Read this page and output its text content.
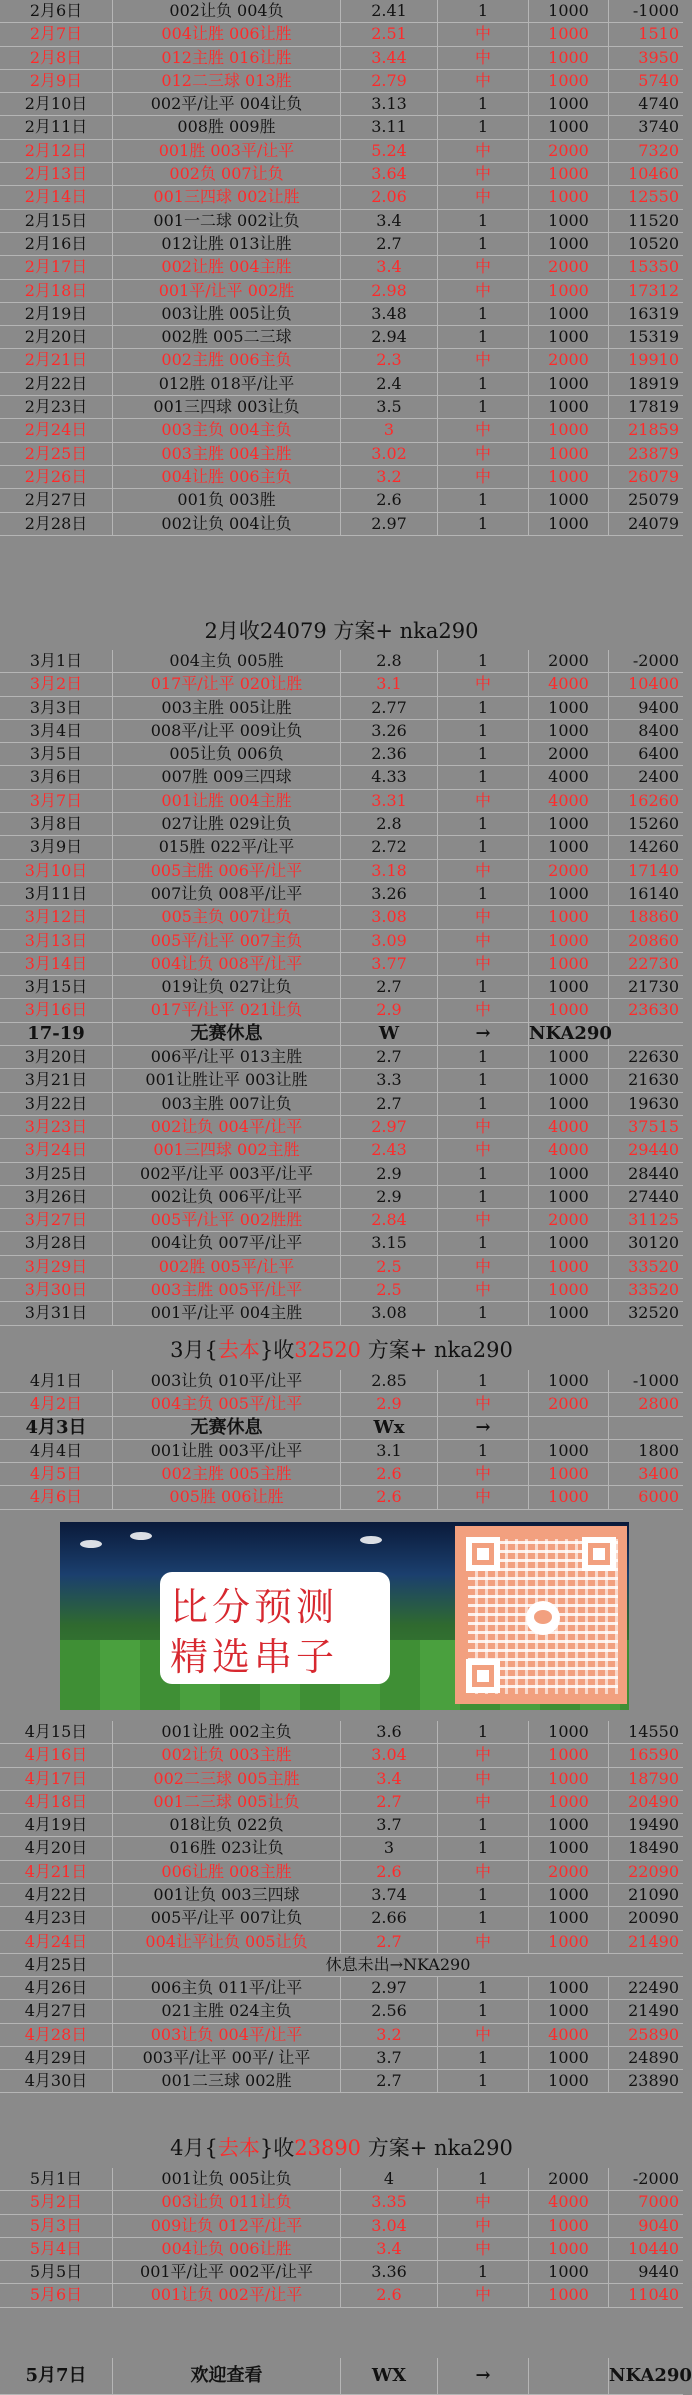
2月6日	002让负 004负	2.41	1	1000	-1000
2月7日	004让胜 006让胜	2.51	中	1000	1510
2月8日	012主胜 016让胜	3.44	中	1000	3950
2月9日	012二三球 013胜	2.79	中	1000	5740
2月10日	002平/让平 004让负	3.13	1	1000	4740
2月11日	008胜 009胜	3.11	1	1000	3740
2月12日	001胜 003平/让平	5.24	中	2000	7320
2月13日	002负 007让负	3.64	中	1000	10460
2月14日	001三四球 002让胜	2.06	中	1000	12550
2月15日	001一二球 002让负	3.4	1	1000	11520
2月16日	012让胜 013让胜	2.7	1	1000	10520
2月17日	002让胜 004主胜	3.4	中	2000	15350
2月18日	001平/让平 002胜	2.98	中	1000	17312
2月19日	003让胜 005让负	3.48	1	1000	16319
2月20日	002胜 005二三球	2.94	1	1000	15319
2月21日	002主胜 006主负	2.3	中	2000	19910
2月22日	012胜 018平/让平	2.4	1	1000	18919
2月23日	001三四球 003让负	3.5	1	1000	17819
2月24日	003主负 004主负	3	中	1000	21859
2月25日	003主胜 004主胜	3.02	中	1000	23879
2月26日	004让胜 006主负	3.2	中	1000	26079
2月27日	001负 003胜	2.6	1	1000	25079
2月28日	002让负 004让负	2.97	1	1000	24079
2月收24079 方案+ nka290
3月1日	004主负 005胜	2.8	1	2000	-2000
3月2日	017平/让平 020让胜	3.1	中	4000	10400
3月3日	003主胜 005让胜	2.77	1	1000	9400
3月4日	008平/让平 009让负	3.26	1	1000	8400
3月5日	005让负 006负	2.36	1	2000	6400
3月6日	007胜 009三四球	4.33	1	4000	2400
3月7日	001让胜 004主胜	3.31	中	4000	16260
3月8日	027让胜 029让负	2.8	1	1000	15260
3月9日	015胜 022平/让平	2.72	1	1000	14260
3月10日	005主胜 006平/让平	3.18	中	2000	17140
3月11日	007让负 008平/让平	3.26	1	1000	16140
3月12日	005主负 007让负	3.08	中	1000	18860
3月13日	005平/让平 007主负	3.09	中	1000	20860
3月14日	004让负 008平/让平	3.77	中	1000	22730
3月15日	019让负 027让负	2.7	1	1000	21730
3月16日	017平/让平 021让负	2.9	中	1000	23630
17-19	无赛休息	W	→	NKA290
3月20日	006平/让平 013主胜	2.7	1	1000	22630
3月21日	001让胜让平 003让胜	3.3	1	1000	21630
3月22日	003主胜 007让负	2.7	1	1000	19630
3月23日	002让负 004平/让平	2.97	中	4000	37515
3月24日	001三四球 002主胜	2.43	中	4000	29440
3月25日	002平/让平 003平/让平	2.9	1	1000	28440
3月26日	002让负 006平/让平	2.9	1	1000	27440
3月27日	005平/让平 002胜胜	2.84	中	2000	31125
3月28日	004让负 007平/让平	3.15	1	1000	30120
3月29日	002胜 005平/让平	2.5	中	1000	33520
3月30日	003主胜 005平/让平	2.5	中	1000	33520
3月31日	001平/让平 004主胜	3.08	1	1000	32520
3月{去本}收32520 方案+ nka290
4月1日	003让负 010平/让平	2.85	1	1000	-1000
4月2日	004主负 005平/让平	2.9	中	2000	2800
4月3日	无赛休息	Wx	→
4月4日	001让胜 003平/让平	3.1	1	1000	1800
4月5日	002主胜 005主胜	2.6	中	1000	3400
4月6日	005胜 006让胜	2.6	中	1000	6000
比分预测
精选串子
4月15日	001让胜 002主负	3.6	1	1000	14550
4月16日	002让负 003主胜	3.04	中	1000	16590
4月17日	002二三球 005主胜	3.4	中	1000	18790
4月18日	001二三球 005让负	2.7	中	1000	20490
4月19日	018让负 022负	3.7	1	1000	19490
4月20日	016胜 023让负	3	1	1000	18490
4月21日	006让胜 008主胜	2.6	中	2000	22090
4月22日	001让负 003三四球	3.74	1	1000	21090
4月23日	005平/让平 007让负	2.66	1	1000	20090
4月24日	004让平让负 005让负	2.7	中	1000	21490
4月25日	休息未出→NKA290
4月26日	006主负 011平/让平	2.97	1	1000	22490
4月27日	021主胜 024主负	2.56	1	1000	21490
4月28日	003让负 004平/让平	3.2	中	4000	25890
4月29日	003平/让平 00平/ 让平	3.7	1	1000	24890
4月30日	001二三球 002胜	2.7	1	1000	23890
4月{去本}收23890 方案+ nka290
5月1日	001让负 005让负	4	1	2000	-2000
5月2日	003让负 011让负	3.35	中	4000	7000
5月3日	009让负 012平/让平	3.04	中	1000	9040
5月4日	004让负 006让胜	3.4	中	1000	10440
5月5日	001平/让平 002平/让平	3.36	1	1000	9440
5月6日	001让负 002平/让平	2.6	中	1000	11040
5月7日	欢迎查看	WX	→	NKA290
